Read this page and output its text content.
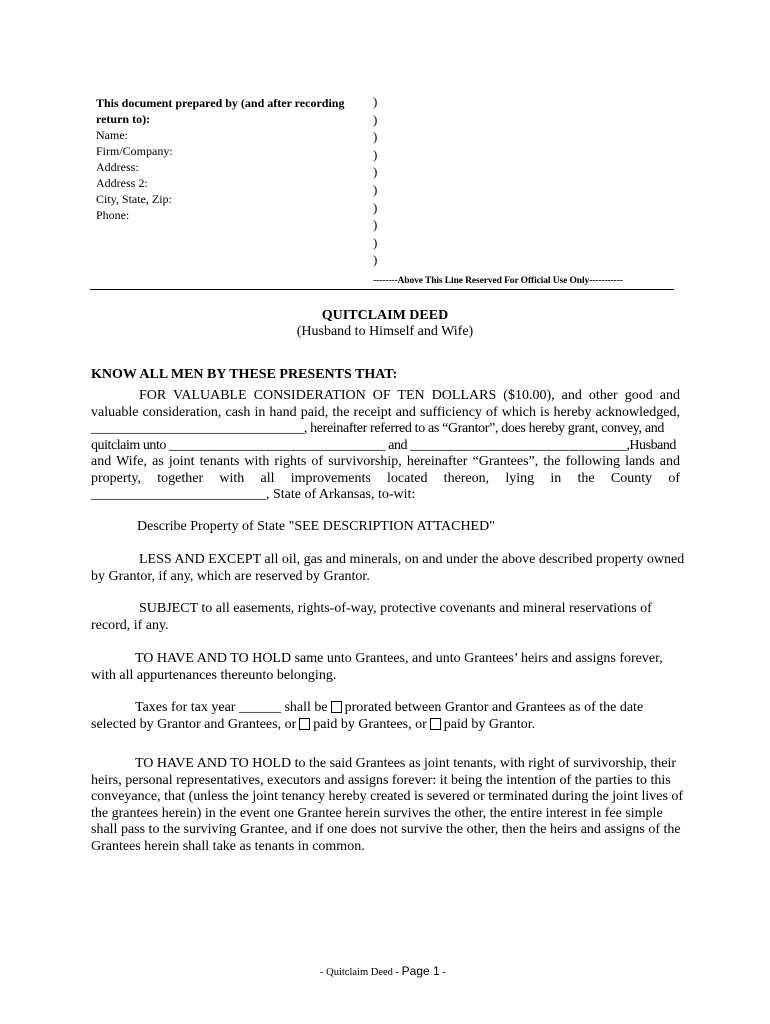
This document prepared by (and after recording
return to):
Name:
Firm/Company:
Address:
Address 2:
City, State, Zip:
Phone:
)
)
)
)
)
)
)
)
)
)
--------Above This Line Reserved For Official Use Only-----------
QUITCLAIM DEED
(Husband to Himself and Wife)
KNOW ALL MEN BY THESE PRESENTS THAT:
FOR VALUABLE CONSIDERATION OF TEN DOLLARS ($10.00), and other good and
valuable consideration, cash in hand paid, the receipt and sufficiency of which is hereby acknowledged,
________________________________, hereinafter referred to as “Grantor”, does hereby grant, convey, and
quitclaim unto _________________________________ and _________________________________,Husband
and Wife, as joint tenants with rights of survivorship, hereinafter “Grantees”, the following lands and
property, together with all improvements located thereon, lying in the County of
_________________________, State of Arkansas, to-wit:
Describe Property of State "SEE DESCRIPTION ATTACHED"
LESS AND EXCEPT all oil, gas and minerals, on and under the above described property owned
by Grantor, if any, which are reserved by Grantor.
SUBJECT to all easements, rights-of-way, protective covenants and mineral reservations of
record, if any.
TO HAVE AND TO HOLD same unto Grantees, and unto Grantees’ heirs and assigns forever,
with all appurtenances thereunto belonging.
Taxes for tax year ______ shall be prorated between Grantor and Grantees as of the date
selected by Grantor and Grantees, or paid by Grantees, or paid by Grantor.
TO HAVE AND TO HOLD to the said Grantees as joint tenants, with right of survivorship, their
heirs, personal representatives, executors and assigns forever: it being the intention of the parties to this
conveyance, that (unless the joint tenancy hereby created is severed or terminated during the joint lives of
the grantees herein) in the event one Grantee herein survives the other, the entire interest in fee simple
shall pass to the surviving Grantee, and if one does not survive the other, then the heirs and assigns of the
Grantees herein shall take as tenants in common.
- Quitclaim Deed - Page 1 -
